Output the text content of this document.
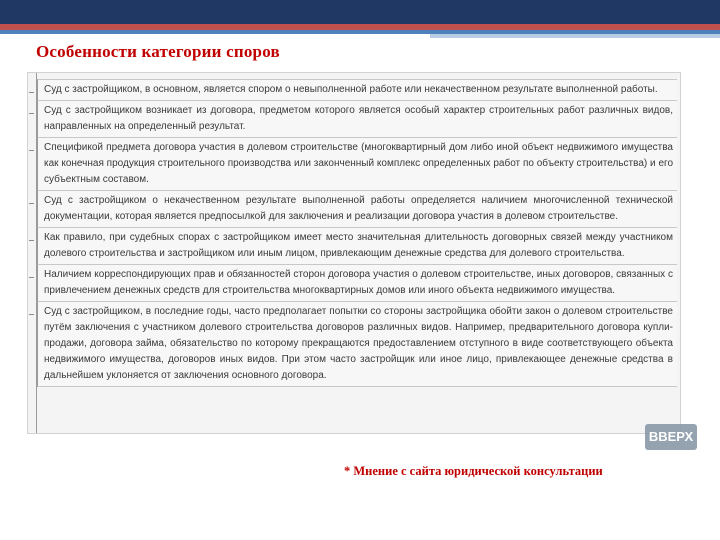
Особенности категории споров
Суд с застройщиком, в основном, является спором о невыполненной работе или некачественном результате выполненной работы.
Суд с застройщиком возникает из договора, предметом которого является особый характер строительных работ различных видов, направленных на определенный результат.
Спецификой предмета договора участия в долевом строительстве (многоквартирный дом либо иной объект недвижимого имущества как конечная продукция строительного производства или законченный комплекс определенных работ по объекту строительства) и его субъектным составом.
Суд с застройщиком о некачественном результате выполненной работы определяется наличием многочисленной технической документации, которая является предпосылкой для заключения и реализации договора участия в долевом строительстве.
Как правило, при судебных спорах с застройщиком имеет место значительная длительность договорных связей между участником долевого строительства и застройщиком или иным лицом, привлекающим денежные средства для долевого строительства.
Наличием корреспондирующих прав и обязанностей сторон договора участия о долевом строительстве, иных договоров, связанных с привлечением денежных средств для строительства многоквартирных домов или иного объекта недвижимого имущества.
Суд с застройщиком, в последние годы, часто предполагает попытки со стороны застройщика обойти закон о долевом строительстве путём заключения с участником долевого строительства договоров различных видов. Например, предварительного договора купли-продажи, договора займа, обязательство по которому прекращаются предоставлением отступного в виде соответствующего объекта недвижимого имущества, договоров иных видов. При этом часто застройщик или иное лицо, привлекающее денежные средства в дальнейшем уклоняется от заключения основного договора.
ВВЕРХ
* Мнение с сайта юридической консультации
